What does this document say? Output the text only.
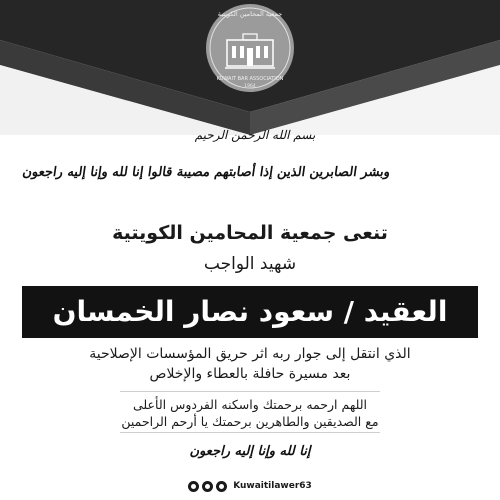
جمعية المحامين الكويتية
KUWAIT BAR ASSOCIATION
1964
بسم الله الرحمن الرحيم
وبشر الصابرين الذين إذا أصابتهم مصيبة قالوا إنا لله وإنا إليه راجعون
تنعى جمعية المحامين الكويتية
شهيد الواجب
العقيد / سعود نصار الخمسان
الذي انتقل إلى جوار ربه اثر حريق المؤسسات الإصلاحية
بعد مسيرة حافلة بالعطاء والإخلاص
اللهم ارحمه برحمتك واسكنه الفردوس الأعلى
مع الصديقين والطاهرين برحمتك يا أرحم الراحمين
إنا لله وإنا إليه راجعون
Kuwaitilawer63
